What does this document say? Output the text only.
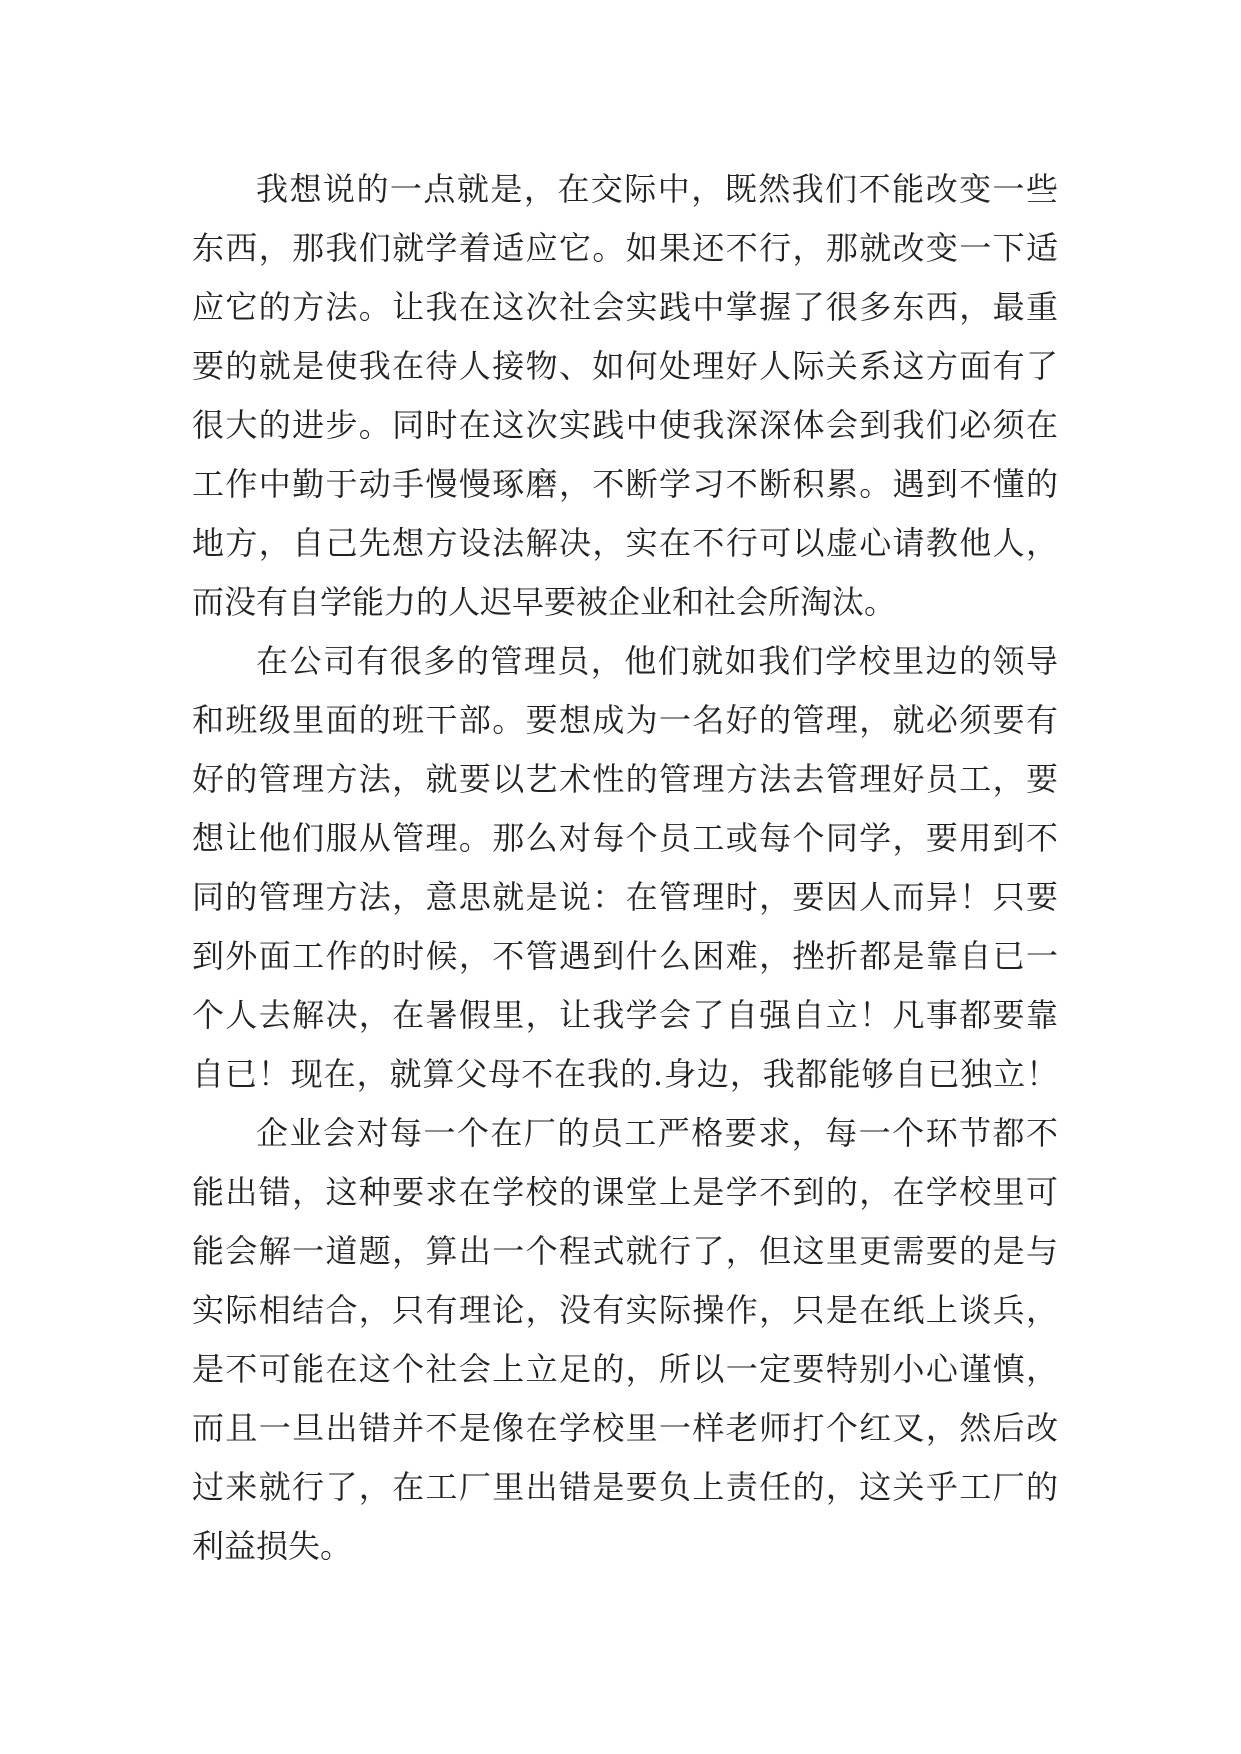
我想说的一点就是，在交际中，既然我们不能改变一些
东西，那我们就学着适应它。如果还不行，那就改变一下适
应它的方法。让我在这次社会实践中掌握了很多东西，最重
要的就是使我在待人接物、如何处理好人际关系这方面有了
很大的进步。同时在这次实践中使我深深体会到我们必须在
工作中勤于动手慢慢琢磨，不断学习不断积累。遇到不懂的
地方，自己先想方设法解决，实在不行可以虚心请教他人，
而没有自学能力的人迟早要被企业和社会所淘汰。
在公司有很多的管理员，他们就如我们学校里边的领导
和班级里面的班干部。要想成为一名好的管理，就必须要有
好的管理方法，就要以艺术性的管理方法去管理好员工，要
想让他们服从管理。那么对每个员工或每个同学，要用到不
同的管理方法，意思就是说：在管理时，要因人而异！只要
到外面工作的时候，不管遇到什么困难，挫折都是靠自已一
个人去解决，在暑假里，让我学会了自强自立！凡事都要靠
自已！现在，就算父母不在我的.身边，我都能够自已独立！
企业会对每一个在厂的员工严格要求，每一个环节都不
能出错，这种要求在学校的课堂上是学不到的，在学校里可
能会解一道题，算出一个程式就行了，但这里更需要的是与
实际相结合，只有理论，没有实际操作，只是在纸上谈兵，
是不可能在这个社会上立足的，所以一定要特别小心谨慎，
而且一旦出错并不是像在学校里一样老师打个红叉，然后改
过来就行了，在工厂里出错是要负上责任的，这关乎工厂的
利益损失。
